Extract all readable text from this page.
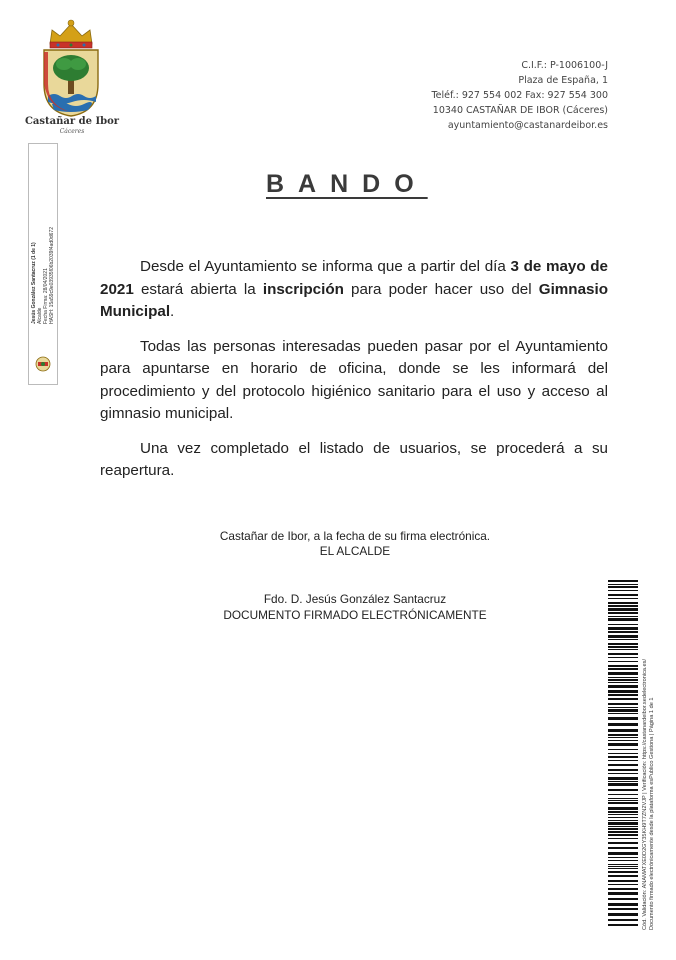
Castañar de Ibor
Cáceres
C.I.F.: P-1006100-J
Plaza de España, 1
Teléf.: 927 554 002 Fax: 927 554 300
10340 CASTAÑAR DE IBOR (Cáceres)
ayuntamiento@castanardeibor.es
Jesús González Santacruz (1 de 1) Alcalde Fecha Firma: 28/04/2021 HASH: 15a59c9e03935f06b2039f4ad0d672
BANDO

Desde el Ayuntamiento se informa que a partir del día 3 de mayo de 2021 estará abierta la inscripción para poder hacer uso del Gimnasio Municipal.

Todas las personas interesadas pueden pasar por el Ayuntamiento para apuntarse en horario de oficina, donde se les informará del procedimiento y del protocolo higiénico sanitario para el uso y acceso al gimnasio municipal.

Una vez completado el listado de usuarios, se procederá a su reapertura.

Castañar de Ibor, a la fecha de su firma electrónica.
EL ALCALDE
Fdo. D. Jesús González Santacruz
DOCUMENTO FIRMADO ELECTRÓNICAMENTE
Cód. Validación: ANAMATXE0D2GY35KH9T7ZN2VJP | Verificación: https://castanardeibor.sedelectronica.es/ Documento firmado electrónicamente desde la plataforma esPublico Gestiona | Página 1 de 1
